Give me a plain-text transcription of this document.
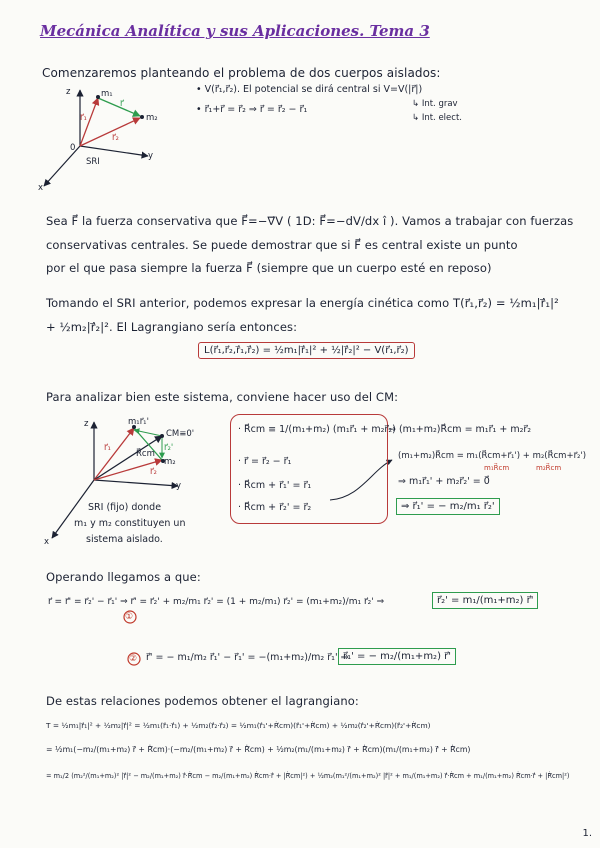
Mecánica Analítica y sus Aplicaciones. Tema 3
Comenzaremos planteando el problema de dos cuerpos aislados:
z	m₁
m₂
r⃗
r⃗₁
r⃗₂
0
SRI
y
x
• V(r⃗₁,r⃗₂). El potencial se dirá central si V=V(|r⃗|)
• r⃗₁+r⃗ = r⃗₂ ⇒ r⃗ = r⃗₂ − r⃗₁	↳ Int. grav
↳ Int. elect.
Sea F⃗ la fuerza conservativa que F⃗=−∇⃗V ( 1D: F⃗=−dV/dx î ). Vamos a trabajar con fuerzas
conservativas centrales. Se puede demostrar que si F⃗ es central existe un punto
por el que pasa siempre la fuerza F⃗ (siempre que un cuerpo esté en reposo)
Tomando el SRI anterior, podemos expresar la energía cinética como T(r⃗₁,r⃗₂) = ½m₁|ṙ⃗₁|²
+ ½m₂|ṙ⃗₂|². El Lagrangiano sería entonces:
L(r⃗₁,r⃗₂,ṙ⃗₁,ṙ⃗₂) = ½m₁|ṙ⃗₁|² + ½|ṙ⃗₂|² − V(r⃗₁,r⃗₂)
Para analizar bien este sistema, conviene hacer uso del CM:
z	m₁r⃗₁'
CM≡0'
m₂
R⃗cm
r⃗₁
r⃗₂
r⃗₂'
y
x
SRI (fijo) donde
m₁ y m₂ constituyen un
sistema aislado.
· R⃗cm ≡ 1/(m₁+m₂) (m₁r⃗₁ + m₂r⃗₂)
· r⃗ = r⃗₂ − r⃗₁
· R⃗cm + r⃗₁' = r⃗₁
· R⃗cm + r⃗₂' = r⃗₂
→ (m₁+m₂)R⃗cm = m₁r⃗₁ + m₂r⃗₂
(m₁+m₂)R⃗cm = m₁(R⃗cm+r⃗₁') + m₂(R⃗cm+r⃗₂')
m₁R⃗cm	m₂R⃗cm
⇒ m₁r⃗₁' + m₂r⃗₂' = 0⃗
⇒ r⃗₁' = − m₂/m₁ r⃗₂'
Operando llegamos a que:
r⃗ = r⃗' = r⃗₂' − r⃗₁' ⇒ r⃗' = r⃗₂' + m₂/m₁ r⃗₂' = (1 + m₂/m₁) r⃗₂' = (m₁+m₂)/m₁ r⃗₂' ⇒
①
r⃗₂' = m₁/(m₁+m₂) r⃗'
② r⃗' = − m₁/m₂ r⃗₁' − r⃗₁' = −(m₁+m₂)/m₂ r⃗₁' ⇒
r⃗₁' = − m₂/(m₁+m₂) r⃗'
De estas relaciones podemos obtener el lagrangiano:
T = ½m₁|ṙ⃗₁|² + ½m₂|ṙ⃗|² = ½m₁(ṙ⃗₁·ṙ⃗₁) + ½m₂(ṙ⃗₂·ṙ⃗₂) = ½m₁(ṙ⃗₁'+Ṙ⃗cm)(ṙ⃗₁'+Ṙ⃗cm) + ½m₂(ṙ⃗₂'+Ṙ⃗cm)(ṙ⃗₂'+Ṙ⃗cm)
= ½m₁(−m₂/(m₁+m₂) ṙ⃗ + Ṙ⃗cm)·(−m₂/(m₁+m₂) ṙ⃗ + Ṙ⃗cm) + ½m₂(m₁/(m₁+m₂) ṙ⃗ + Ṙ⃗cm)(m₁/(m₁+m₂) ṙ⃗ + Ṙ⃗cm)
= m₁/2 (m₂²/(m₁+m₂)² |ṙ⃗|² − m₂/(m₁+m₂) ṙ⃗·Ṙ⃗cm − m₂/(m₁+m₂) Ṙ⃗cm·ṙ⃗ + |Ṙ⃗cm|²) + ½m₂(m₁²/(m₁+m₂)² |ṙ⃗|² + m₁/(m₁+m₂) ṙ⃗·Ṙ⃗cm + m₁/(m₁+m₂) Ṙ⃗cm·ṙ⃗ + |Ṙ⃗cm|²)
1.
